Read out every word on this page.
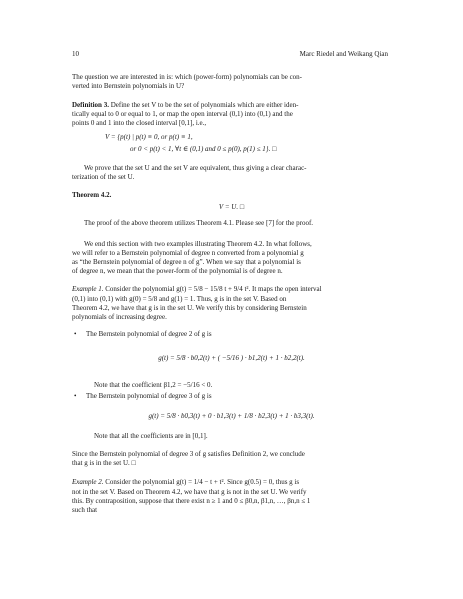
10	Marc Riedel and Weikang Qian
The question we are interested in is: which (power-form) polynomials can be con-
verted into Bernstein polynomials in U?
Definition 3. Define the set V to be the set of polynomials which are either iden-
tically equal to 0 or equal to 1, or map the open interval (0,1) into (0,1) and the
points 0 and 1 into the closed interval [0,1], i.e.,
V = {p(t) | p(t) ≡ 0, or p(t) ≡ 1,
or 0 < p(t) < 1, ∀t ∈ (0,1) and 0 ≤ p(0), p(1) ≤ 1}. □
We prove that the set U and the set V are equivalent, thus giving a clear charac-
terization of the set U.
Theorem 4.2.
V = U. □
The proof of the above theorem utilizes Theorem 4.1. Please see [7] for the proof.
We end this section with two examples illustrating Theorem 4.2. In what follows,
we will refer to a Bernstein polynomial of degree n converted from a polynomial g
as “the Bernstein polynomial of degree n of g”. When we say that a polynomial is
of degree n, we mean that the power-form of the polynomial is of degree n.
Example 1. Consider the polynomial g(t) = 5/8 − 15/8 t + 9/4 t². It maps the open interval
(0,1) into (0,1) with g(0) = 5/8 and g(1) = 1. Thus, g is in the set V. Based on
Theorem 4.2, we have that g is in the set U. We verify this by considering Bernstein
polynomials of increasing degree.
• The Bernstein polynomial of degree 2 of g is
g(t) = 5/8 · b0,2(t) + ( −5/16 ) · b1,2(t) + 1 · b2,2(t).
Note that the coefficient β1,2 = −5/16 < 0.
• The Bernstein polynomial of degree 3 of g is
g(t) = 5/8 · b0,3(t) + 0 · b1,3(t) + 1/8 · b2,3(t) + 1 · b3,3(t).
Note that all the coefficients are in [0,1].
Since the Bernstein polynomial of degree 3 of g satisfies Definition 2, we conclude
that g is in the set U. □
Example 2. Consider the polynomial g(t) = 1/4 − t + t². Since g(0.5) = 0, thus g is
not in the set V. Based on Theorem 4.2, we have that g is not in the set U. We verify
this. By contraposition, suppose that there exist n ≥ 1 and 0 ≤ β0,n, β1,n, …, βn,n ≤ 1
such that
